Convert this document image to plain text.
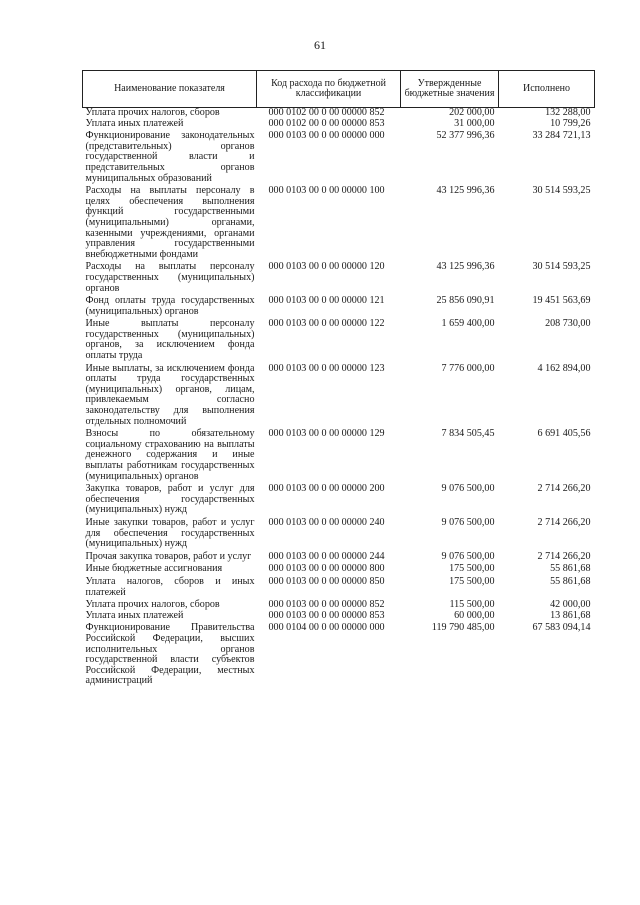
61
Наименование показателя	Код расхода по бюджетной классификации	Утвержденные бюджетные значения	Исполнено
Уплата прочих налогов, сборов	000 0102 00 0 00 00000 852	202 000,00	132 288,00
Уплата иных платежей	000 0102 00 0 00 00000 853	31 000,00	10 799,26
Функционирование законодательных (представительных) органов государственной власти и представительных органов муниципальных образований	000 0103 00 0 00 00000 000	52 377 996,36	33 284 721,13
Расходы на выплаты персоналу в целях обеспечения выполнения функций государственными (муниципальными) органами, казенными учреждениями, органами управления государственными внебюджетными фондами	000 0103 00 0 00 00000 100	43 125 996,36	30 514 593,25
Расходы на выплаты персоналу государственных (муниципальных) органов	000 0103 00 0 00 00000 120	43 125 996,36	30 514 593,25
Фонд оплаты труда государственных (муниципальных) органов	000 0103 00 0 00 00000 121	25 856 090,91	19 451 563,69
Иные выплаты персоналу государственных (муниципальных) органов, за исключением фонда оплаты труда	000 0103 00 0 00 00000 122	1 659 400,00	208 730,00
Иные выплаты, за исключением фонда оплаты труда государственных (муниципальных) органов, лицам, привлекаемым согласно законодательству для выполнения отдельных полномочий	000 0103 00 0 00 00000 123	7 776 000,00	4 162 894,00
Взносы по обязательному социальному страхованию на выплаты денежного содержания и иные выплаты работникам государственных (муниципальных) органов	000 0103 00 0 00 00000 129	7 834 505,45	6 691 405,56
Закупка товаров, работ и услуг для обеспечения государственных (муниципальных) нужд	000 0103 00 0 00 00000 200	9 076 500,00	2 714 266,20
Иные закупки товаров, работ и услуг для обеспечения государственных (муниципальных) нужд	000 0103 00 0 00 00000 240	9 076 500,00	2 714 266,20
Прочая закупка товаров, работ и услуг	000 0103 00 0 00 00000 244	9 076 500,00	2 714 266,20
Иные бюджетные ассигнования	000 0103 00 0 00 00000 800	175 500,00	55 861,68
Уплата налогов, сборов и иных платежей	000 0103 00 0 00 00000 850	175 500,00	55 861,68
Уплата прочих налогов, сборов	000 0103 00 0 00 00000 852	115 500,00	42 000,00
Уплата иных платежей	000 0103 00 0 00 00000 853	60 000,00	13 861,68
Функционирование Правительства Российской Федерации, высших исполнительных органов государственной власти субъектов Российской Федерации, местных администраций	000 0104 00 0 00 00000 000	119 790 485,00	67 583 094,14
